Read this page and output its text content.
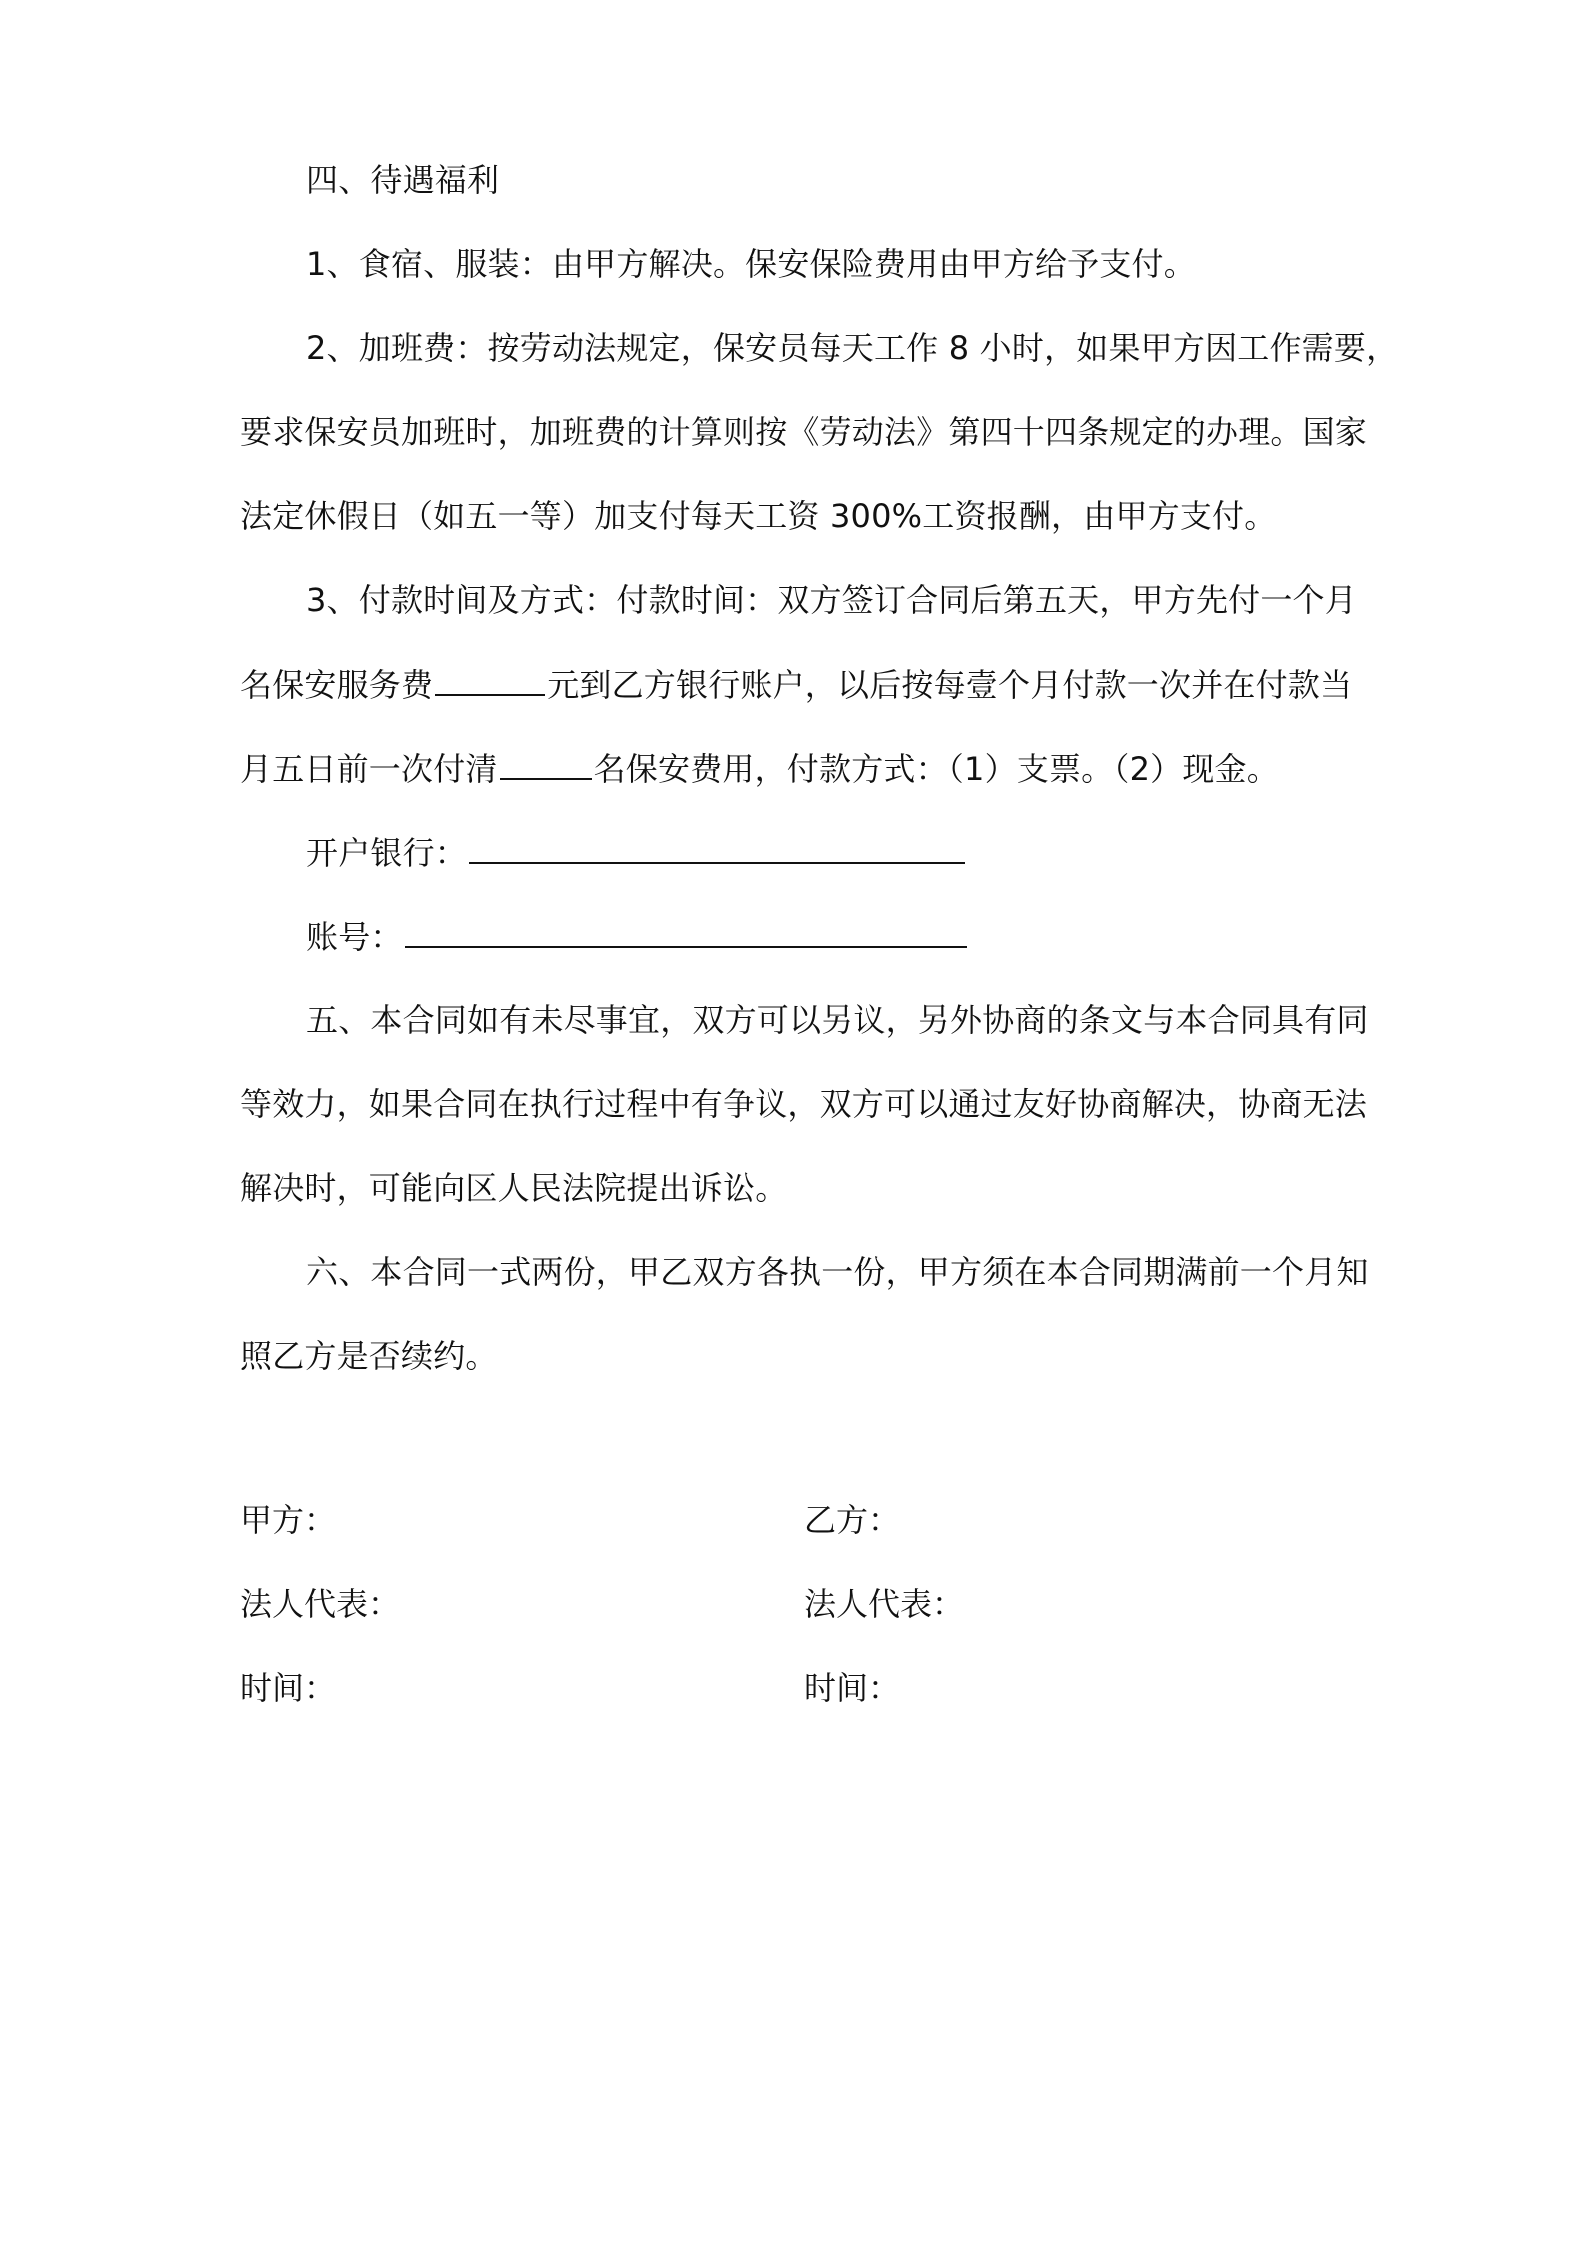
四、待遇福利
1、食宿、服装：由甲方解决。保安保险费用由甲方给予支付。
2、加班费：按劳动法规定，保安员每天工作 8 小时，如果甲方因工作需要，
要求保安员加班时，加班费的计算则按《劳动法》第四十四条规定的办理。国家
法定休假日（如五一等）加支付每天工资 300%工资报酬，由甲方支付。
3、付款时间及方式：付款时间：双方签订合同后第五天，甲方先付一个月
名保安服务费	元到乙方银行账户，以后按每壹个月付款一次并在付款当
月五日前一次付清	名保安费用，付款方式：（1）支票。（2）现金。
开户银行：
账号：
五、本合同如有未尽事宜，双方可以另议，另外协商的条文与本合同具有同
等效力，如果合同在执行过程中有争议，双方可以通过友好协商解决，协商无法
解决时，可能向区人民法院提出诉讼。
六、本合同一式两份，甲乙双方各执一份，甲方须在本合同期满前一个月知
照乙方是否续约。
甲方：	乙方：
法人代表：	法人代表：
时间：	时间：
